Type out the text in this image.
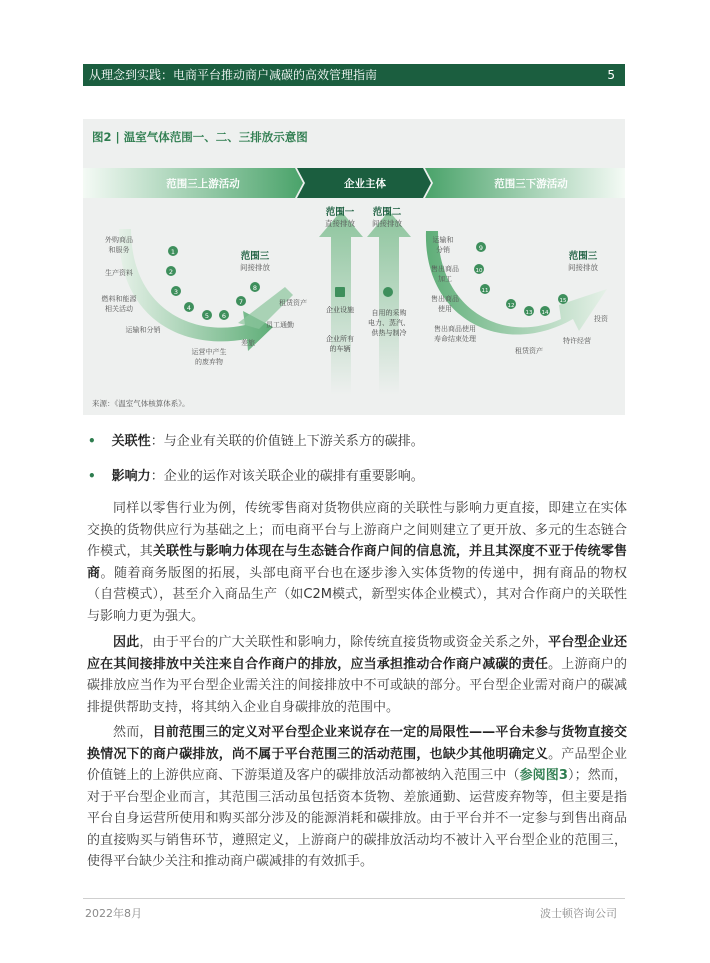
从理念到实践：电商平台推动商户减碳的高效管理指南	5
范围三上游活动	企业主体	范围三下游活动
范围一
直接排放
范围二
间接排放
范围三
间接排放
范围三
间接排放
企业设施
企业所有
的车辆
自用的采购
电力、蒸汽、
供热与制冷
1
2
3
4
5 6
7
8
外购商品
和服务
生产资料
燃料和能源
相关活动
运输和分销
运营中产生
的废弃物
差旅
员工通勤
租赁资产
9
10
11
12
13 14
15
运输和
分销
售出商品
加工
售出商品
使用
售出商品使用
寿命结束处理
租赁资产
特许经营
投资
图2 | 温室气体范围一、二、三排放示意图
来源：《温室气体核算体系》。
• 关联性：与企业有关联的价值链上下游关系方的碳排。
• 影响力：企业的运作对该关联企业的碳排有重要影响。
同样以零售行业为例，传统零售商对货物供应商的关联性与影响力更直接，即建立在实体交换的货物供应行为基础之上；而电商平台与上游商户之间则建立了更开放、多元的生态链合作模式，其关联性与影响力体现在与生态链合作商户间的信息流，并且其深度不亚于传统零售商。随着商务版图的拓展，头部电商平台也在逐步渗入实体货物的传递中，拥有商品的物权（自营模式），甚至介入商品生产（如C2M模式，新型实体企业模式），其对合作商户的关联性与影响力更为强大。
因此，由于平台的广大关联性和影响力，除传统直接货物或资金关系之外，平台型企业还应在其间接排放中关注来自合作商户的排放，应当承担推动合作商户减碳的责任。上游商户的碳排放应当作为平台型企业需关注的间接排放中不可或缺的部分。平台型企业需对商户的碳减排提供帮助支持，将其纳入企业自身碳排放的范围中。
然而，目前范围三的定义对平台型企业来说存在一定的局限性——平台未参与货物直接交换情况下的商户碳排放，尚不属于平台范围三的活动范围，也缺少其他明确定义。产品型企业价值链上的上游供应商、下游渠道及客户的碳排放活动都被纳入范围三中（参阅图3）；然而，对于平台型企业而言，其范围三活动虽包括资本货物、差旅通勤、运营废弃物等，但主要是指平台自身运营所使用和购买部分涉及的能源消耗和碳排放。由于平台并不一定参与到售出商品的直接购买与销售环节，遵照定义，上游商户的碳排放活动均不被计入平台型企业的范围三，使得平台缺少关注和推动商户碳减排的有效抓手。
2022年8月	波士顿咨询公司
